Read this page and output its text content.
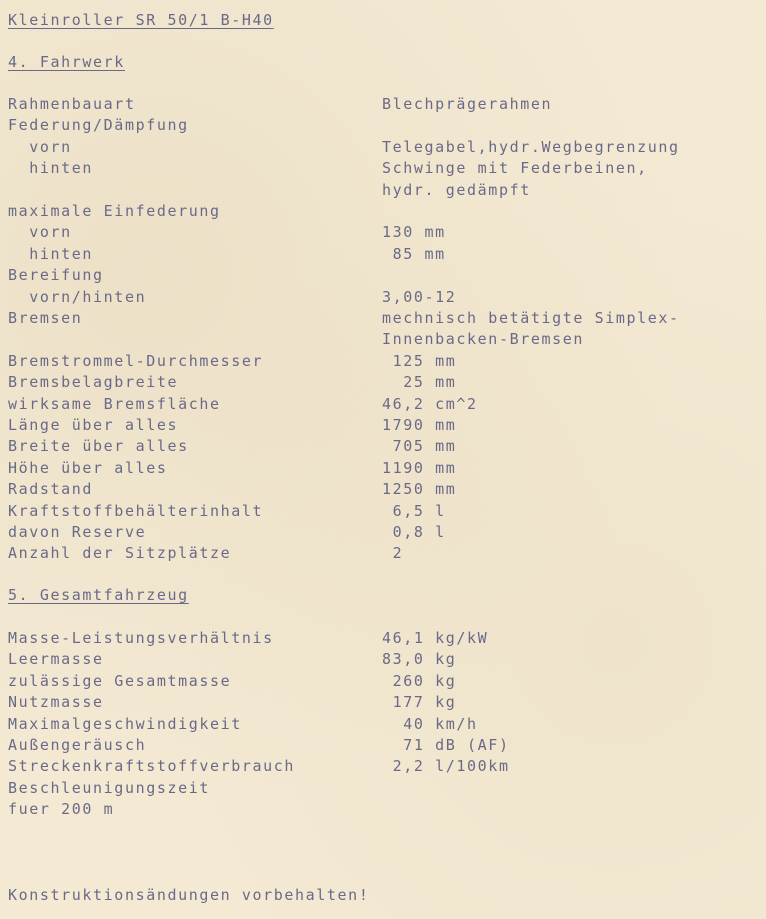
Kleinroller SR 50/1 B-H40
4. Fahrwerk
Rahmenbauart	Blechprägerahmen
Federung/Dämpfung
vorn	Telegabel,hydr.Wegbegrenzung
hinten	Schwinge mit Federbeinen,
hydr. gedämpft
maximale Einfederung
vorn	130 mm
hinten	85 mm
Bereifung
vorn/hinten	3,00-12
Bremsen	mechnisch betätigte Simplex-
Innenbacken-Bremsen
Bremstrommel-Durchmesser	125 mm
Bremsbelagbreite	25 mm
wirksame Bremsfläche	46,2 cm^2
Länge über alles	1790 mm
Breite über alles	705 mm
Höhe über alles	1190 mm
Radstand	1250 mm
Kraftstoffbehälterinhalt	6,5 l
davon Reserve	0,8 l
Anzahl der Sitzplätze	2
5. Gesamtfahrzeug
Masse-Leistungsverhältnis	46,1 kg/kW
Leermasse	83,0 kg
zulässige Gesamtmasse	260 kg
Nutzmasse	177 kg
Maximalgeschwindigkeit	40 km/h
Außengeräusch	71 dB (AF)
Streckenkraftstoffverbrauch	2,2 l/100km
Beschleunigungszeit
fuer 200 m
Konstruktionsändungen vorbehalten!
